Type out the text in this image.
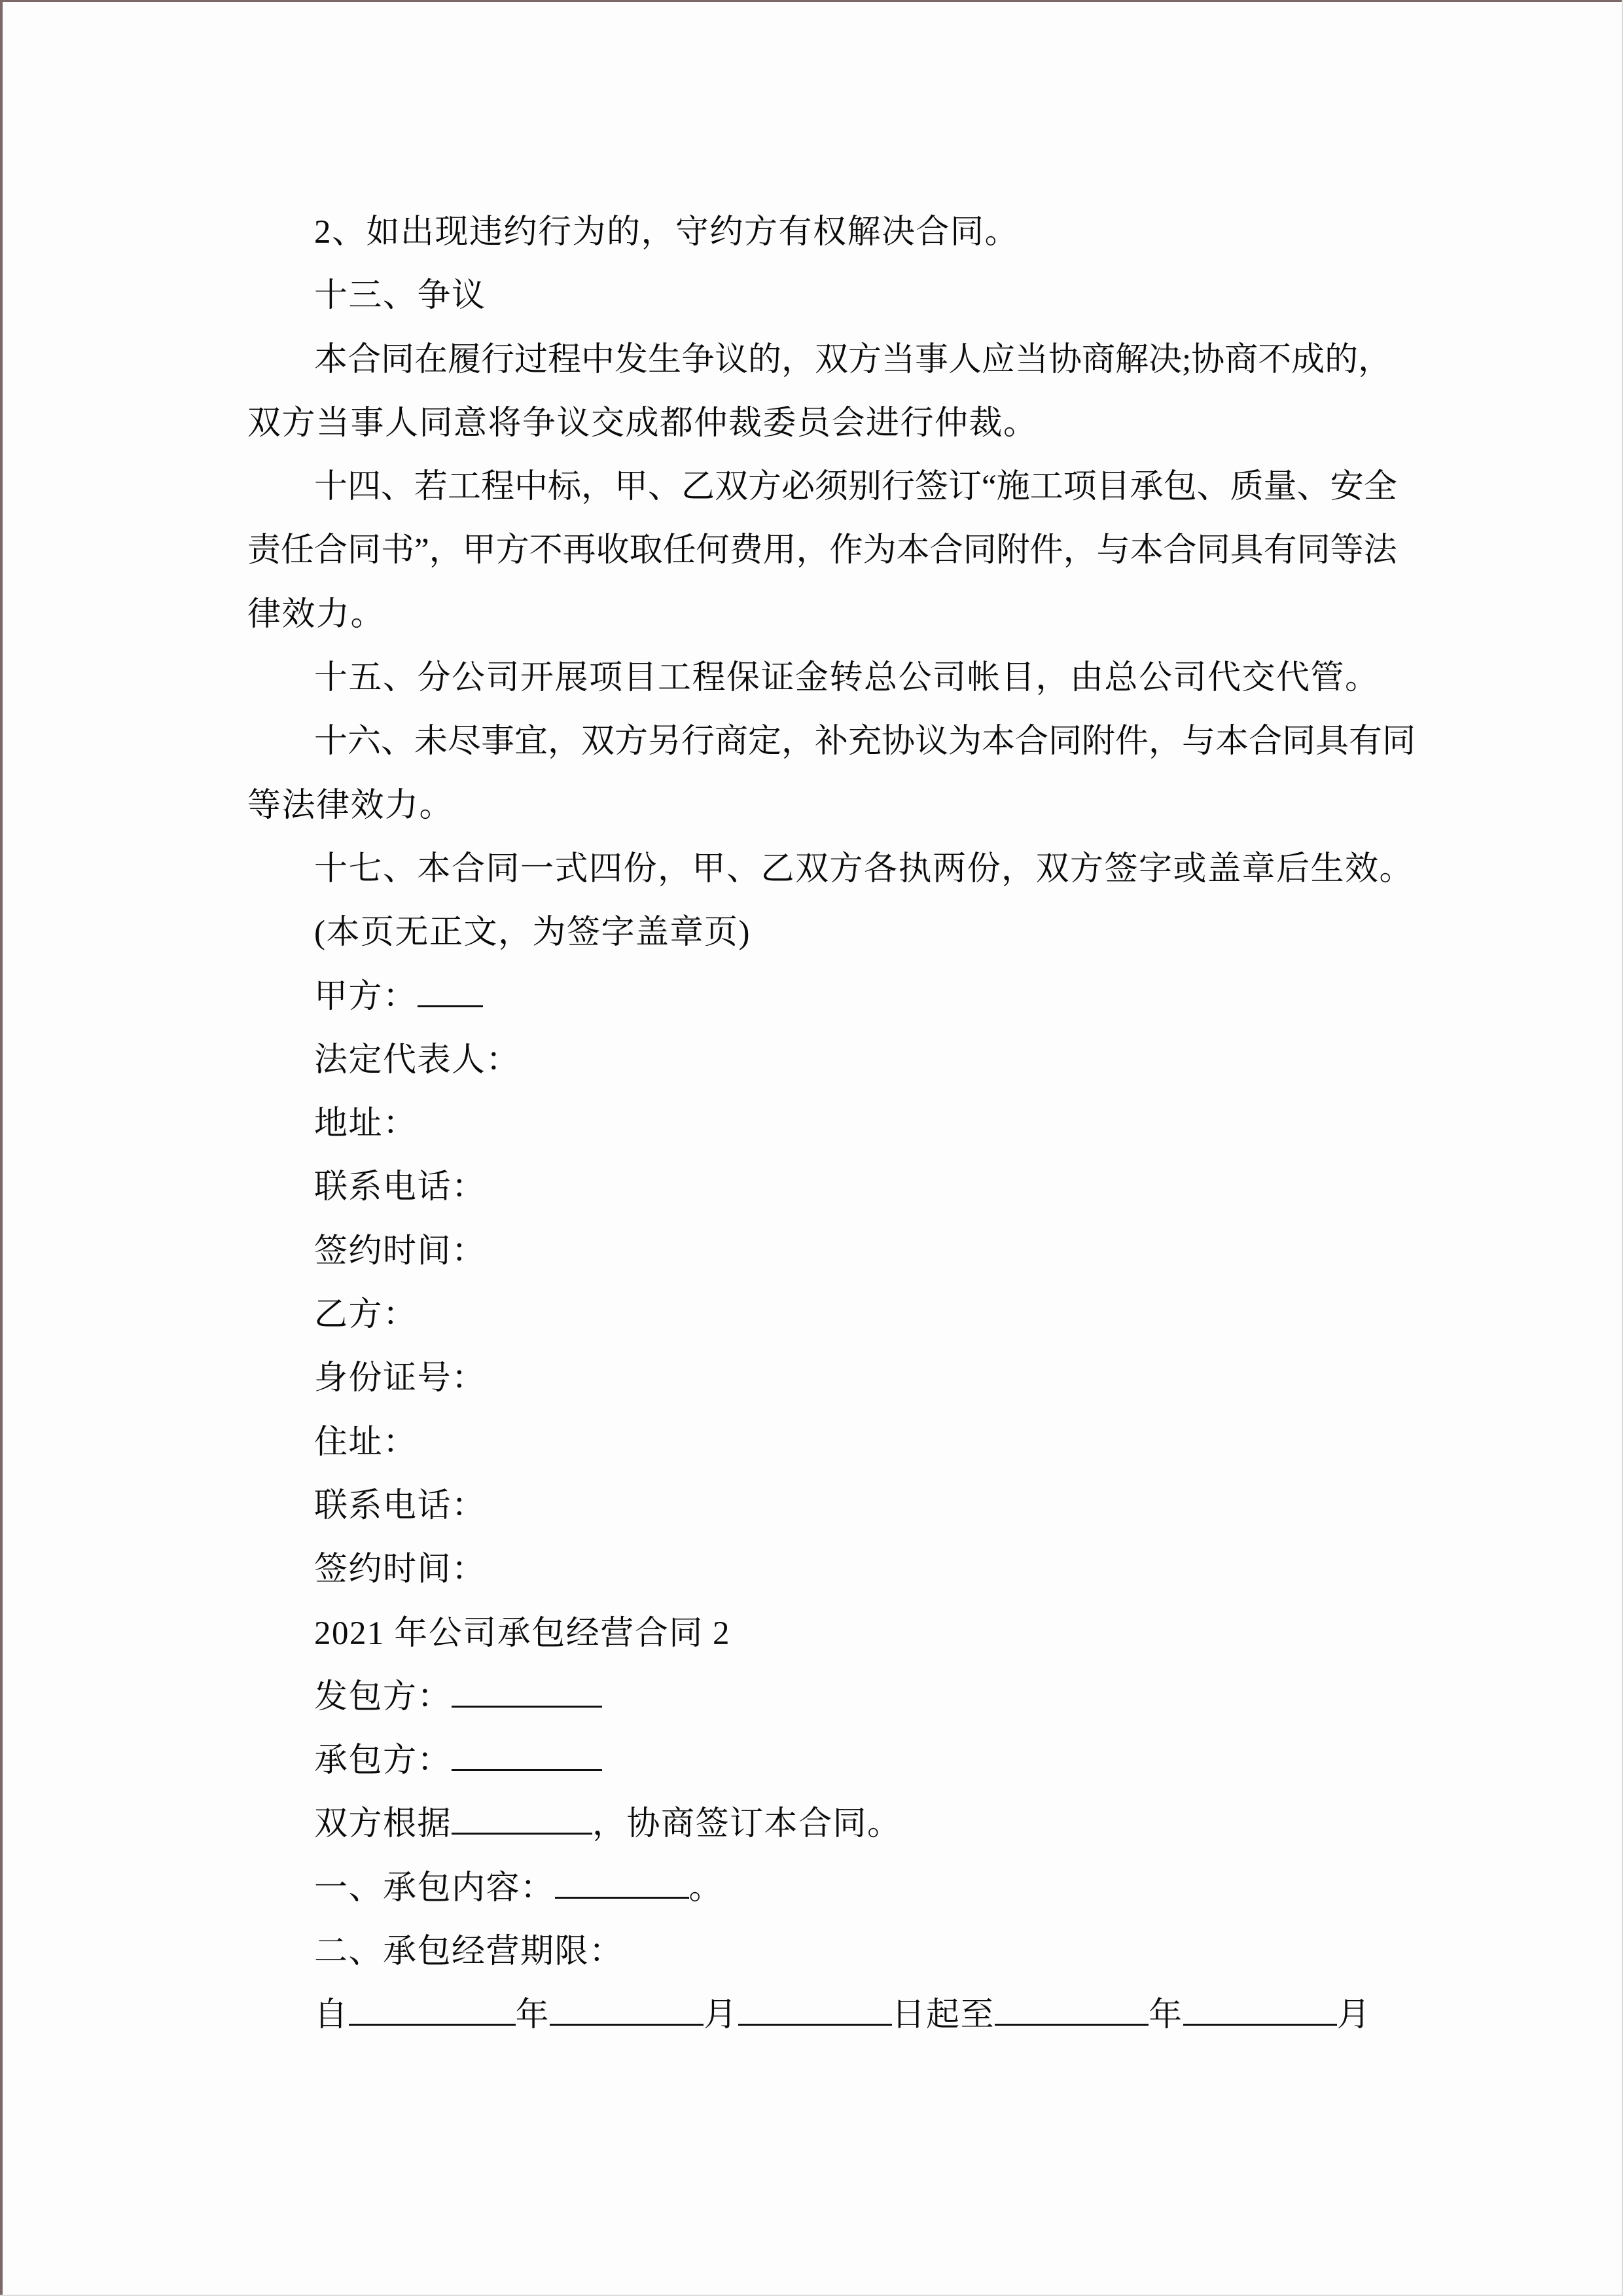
2、如出现违约行为的，守约方有权解决合同。
十三、争议
本合同在履行过程中发生争议的，双方当事人应当协商解决;协商不成的，
双方当事人同意将争议交成都仲裁委员会进行仲裁。
十四、若工程中标，甲、乙双方必须别行签订“施工项目承包、质量、安全
责任合同书”，甲方不再收取任何费用，作为本合同附件，与本合同具有同等法
律效力。
十五、分公司开展项目工程保证金转总公司帐目，由总公司代交代管。
十六、未尽事宜，双方另行商定，补充协议为本合同附件，与本合同具有同
等法律效力。
十七、本合同一式四份，甲、乙双方各执两份，双方签字或盖章后生效。
(本页无正文，为签字盖章页)
甲方：
法定代表人：
地址：
联系电话：
签约时间：
乙方：
身份证号：
住址：
联系电话：
签约时间：
2021 年公司承包经营合同 2
发包方：
承包方：
双方根据	，协商签订本合同。
一、承包内容：	。
二、承包经营期限：
自	年	月	日起至	年	月
